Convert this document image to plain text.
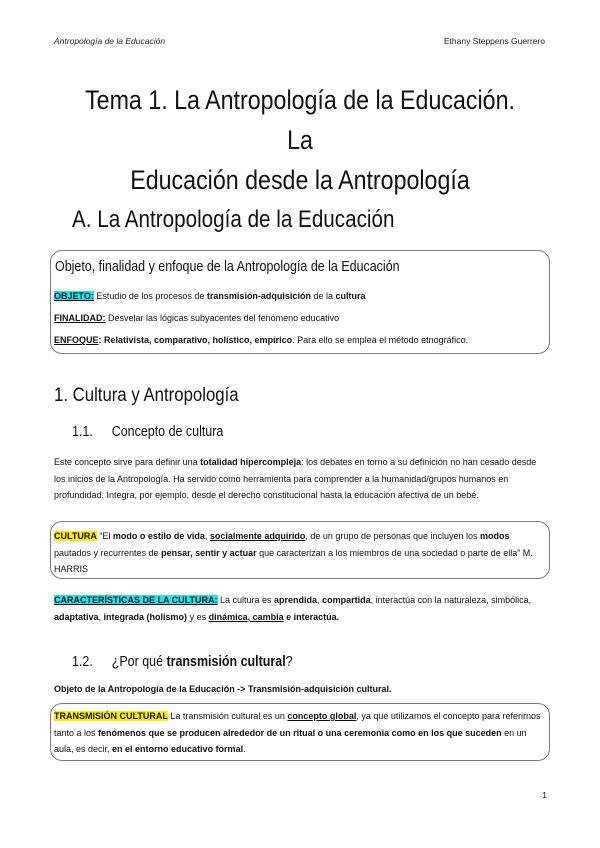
Antropología de la Educación	Ethany Steppens Guerrero
Tema 1. La Antropología de la Educación. La
Educación desde la Antropología
A. La Antropología de la Educación
Objeto, finalidad y enfoque de la Antropología de la Educación
OBJETO: Estudio de los procesos de transmisión-adquisición de la cultura
FINALIDAD: Desvelar las lógicas subyacentes del fenómeno educativo
ENFOQUE: Relativista, comparativo, holístico, empírico. Para ello se emplea el método etnográfico.
1. Cultura y Antropología
1.1. Concepto de cultura
Este concepto sirve para definir una totalidad hipercompleja: los debates en torno a su definición no han cesado desde los inicios de la Antropología. Ha servido como herramienta para comprender a la humanidad/grupos humanos en profundidad. Integra, por ejemplo, desde el derecho constitucional hasta la educación afectiva de un bebé.
CULTURA “El modo o estilo de vida, socialmente adquirido, de un grupo de personas que incluyen los modos pautados y recurrentes de pensar, sentir y actuar que caracterizan a los miembros de una sociedad o parte de ella” M. HARRIS
CARACTERÍSTICAS DE LA CULTURA: La cultura es aprendida, compartida, interactúa con la naturaleza, simbólica, adaptativa, integrada (holismo) y es dinámica, cambia e interactúa.
1.2. ¿Por qué transmisión cultural?
Objeto de la Antropología de la Educación -> Transmisión-adquisición cultural.
TRANSMISIÓN CULTURAL La transmisión cultural es un concepto global, ya que utilizamos el concepto para referirnos tanto a los fenómenos que se producen alrededor de un ritual o una ceremonia como en los que suceden en un aula, es decir, en el entorno educativo formal.
1
